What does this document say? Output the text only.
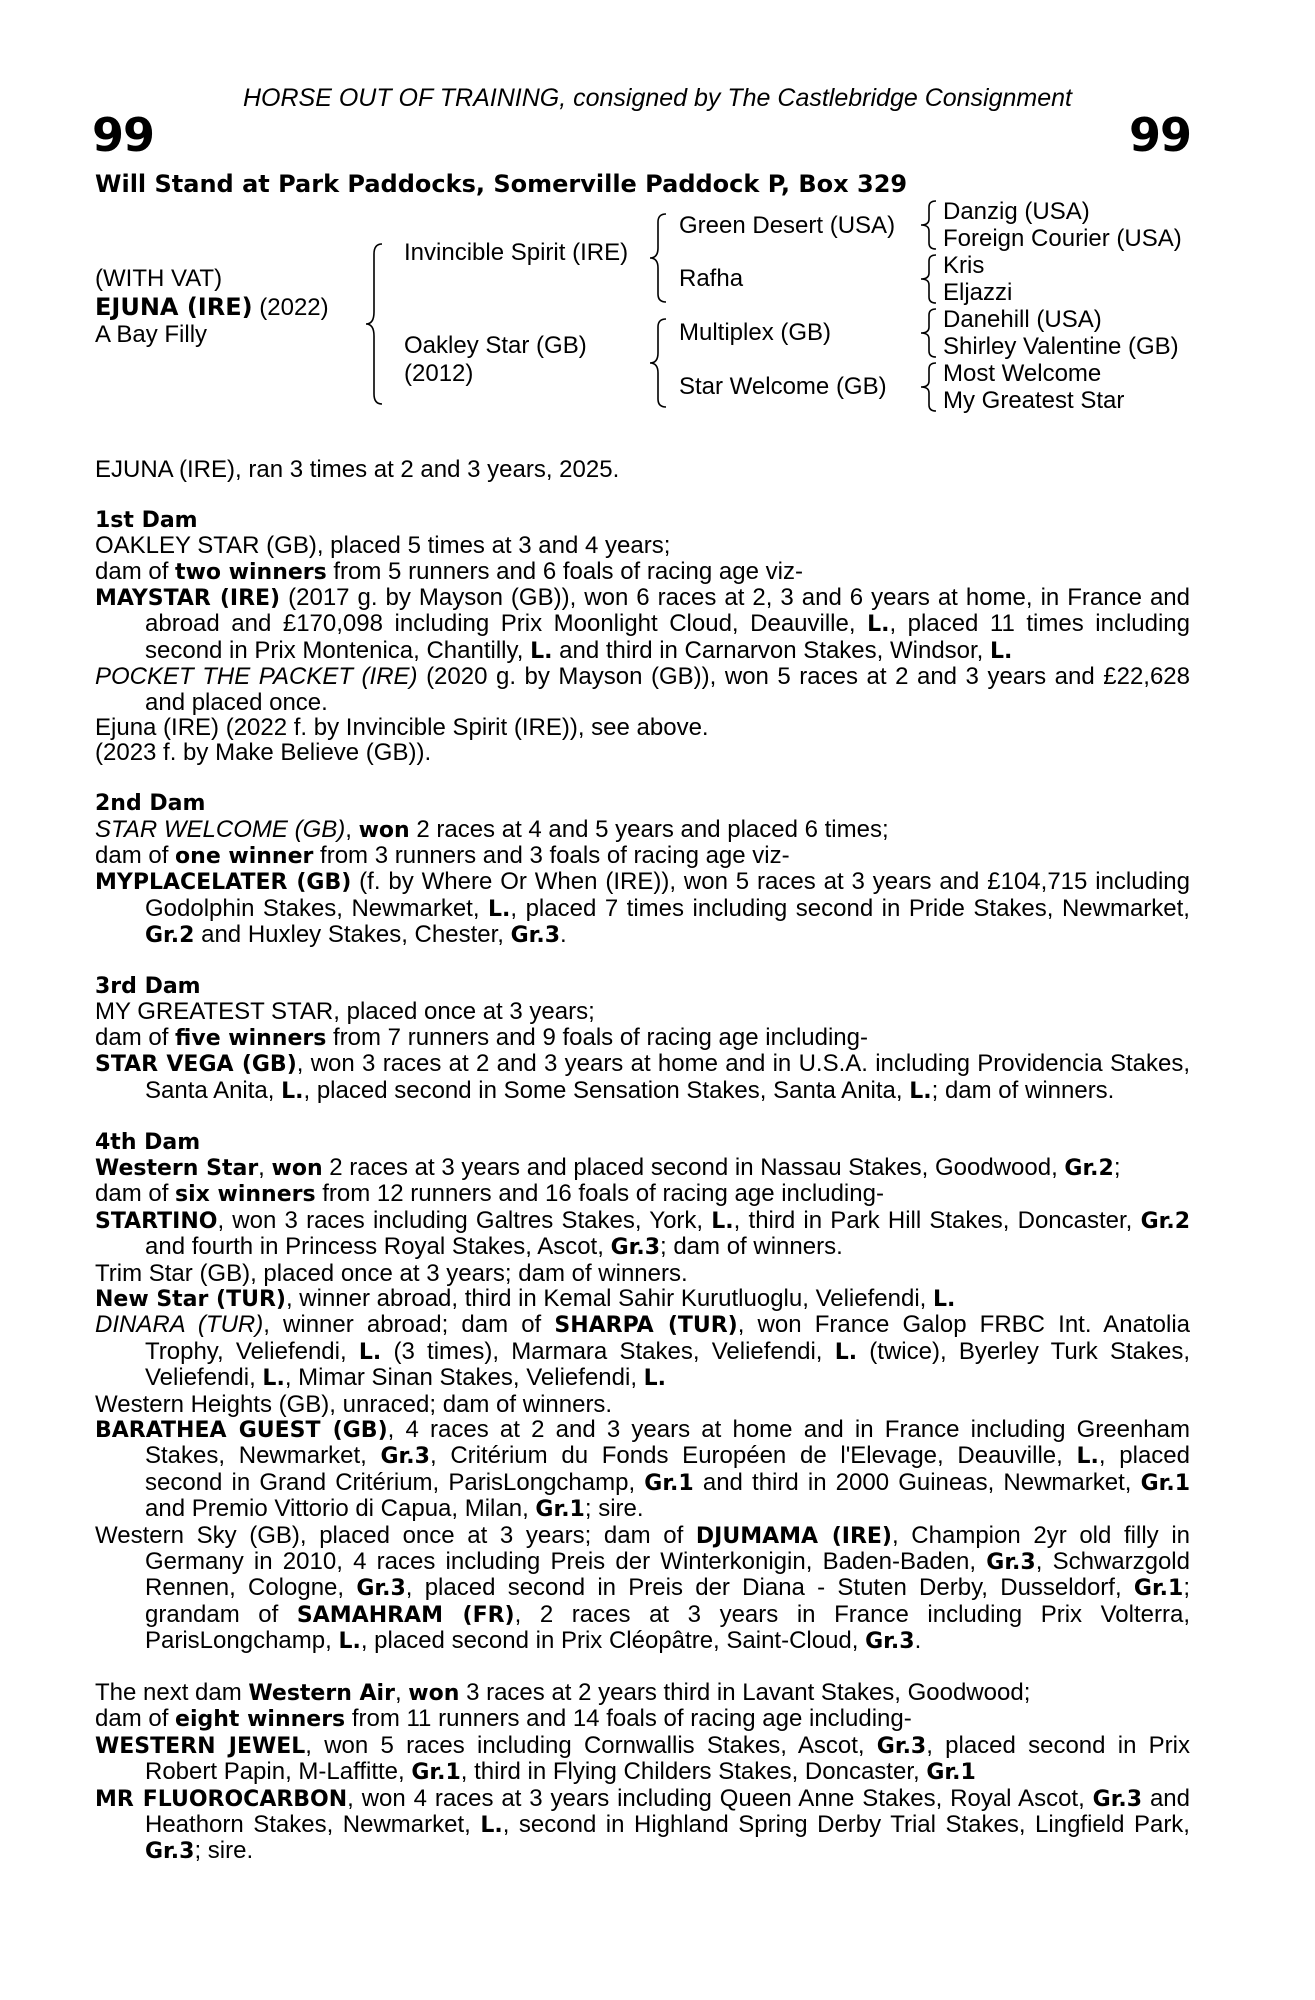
HORSE OUT OF TRAINING, consigned by The Castlebridge Consignment
99	99
Will Stand at Park Paddocks, Somerville Paddock P, Box 329
(WITH VAT)
EJUNA (IRE) (2022)
A Bay Filly
Invincible Spirit (IRE)
Oakley Star (GB)
(2012)
Green Desert (USA)
Rafha
Multiplex (GB)
Star Welcome (GB)
Danzig (USA)
Foreign Courier (USA)
Kris
Eljazzi
Danehill (USA)
Shirley Valentine (GB)
Most Welcome
My Greatest Star

EJUNA (IRE), ran 3 times at 2 and 3 years, 2025.

1st Dam

OAKLEY STAR (GB), placed 5 times at 3 and 4 years;

dam of two winners from 5 runners and 6 foals of racing age viz-

MAYSTAR (IRE) (2017 g. by Mayson (GB)), won 6 races at 2, 3 and 6 years at home, in France and abroad and £170,098 including Prix Moonlight Cloud, Deauville, L., placed 11 times including second in Prix Montenica, Chantilly, L. and third in Carnarvon Stakes, Windsor, L.

POCKET THE PACKET (IRE) (2020 g. by Mayson (GB)), won 5 races at 2 and 3 years and £22,628 and placed once.

Ejuna (IRE) (2022 f. by Invincible Spirit (IRE)), see above.

(2023 f. by Make Believe (GB)).

2nd Dam

STAR WELCOME (GB), won 2 races at 4 and 5 years and placed 6 times;

dam of one winner from 3 runners and 3 foals of racing age viz-

MYPLACELATER (GB) (f. by Where Or When (IRE)), won 5 races at 3 years and £104,715 including Godolphin Stakes, Newmarket, L., placed 7 times including second in Pride Stakes, Newmarket, Gr.2 and Huxley Stakes, Chester, Gr.3.

3rd Dam

MY GREATEST STAR, placed once at 3 years;

dam of five winners from 7 runners and 9 foals of racing age including-

STAR VEGA (GB), won 3 races at 2 and 3 years at home and in U.S.A. including Providencia Stakes, Santa Anita, L., placed second in Some Sensation Stakes, Santa Anita, L.; dam of winners.

4th Dam

Western Star, won 2 races at 3 years and placed second in Nassau Stakes, Goodwood, Gr.2;

dam of six winners from 12 runners and 16 foals of racing age including-

STARTINO, won 3 races including Galtres Stakes, York, L., third in Park Hill Stakes, Doncaster, Gr.2 and fourth in Princess Royal Stakes, Ascot, Gr.3; dam of winners.

Trim Star (GB), placed once at 3 years; dam of winners.

New Star (TUR), winner abroad, third in Kemal Sahir Kurutluoglu, Veliefendi, L.

DINARA (TUR), winner abroad; dam of SHARPA (TUR), won France Galop FRBC Int. Anatolia Trophy, Veliefendi, L. (3 times), Marmara Stakes, Veliefendi, L. (twice), Byerley Turk Stakes, Veliefendi, L., Mimar Sinan Stakes, Veliefendi, L.

Western Heights (GB), unraced; dam of winners.

BARATHEA GUEST (GB), 4 races at 2 and 3 years at home and in France including Greenham Stakes, Newmarket, Gr.3, Critérium du Fonds Européen de l'Elevage, Deauville, L., placed second in Grand Critérium, ParisLongchamp, Gr.1 and third in 2000 Guineas, Newmarket, Gr.1 and Premio Vittorio di Capua, Milan, Gr.1; sire.

Western Sky (GB), placed once at 3 years; dam of DJUMAMA (IRE), Champion 2yr old filly in Germany in 2010, 4 races including Preis der Winterkonigin, Baden-Baden, Gr.3, Schwarzgold Rennen, Cologne, Gr.3, placed second in Preis der Diana - Stuten Derby, Dusseldorf, Gr.1; grandam of SAMAHRAM (FR), 2 races at 3 years in France including Prix Volterra, ParisLongchamp, L., placed second in Prix Cléopâtre, Saint-Cloud, Gr.3.

The next dam Western Air, won 3 races at 2 years third in Lavant Stakes, Goodwood;

dam of eight winners from 11 runners and 14 foals of racing age including-

WESTERN JEWEL, won 5 races including Cornwallis Stakes, Ascot, Gr.3, placed second in Prix Robert Papin, M-Laffitte, Gr.1, third in Flying Childers Stakes, Doncaster, Gr.1

MR FLUOROCARBON, won 4 races at 3 years including Queen Anne Stakes, Royal Ascot, Gr.3 and Heathorn Stakes, Newmarket, L., second in Highland Spring Derby Trial Stakes, Lingfield Park, Gr.3; sire.
